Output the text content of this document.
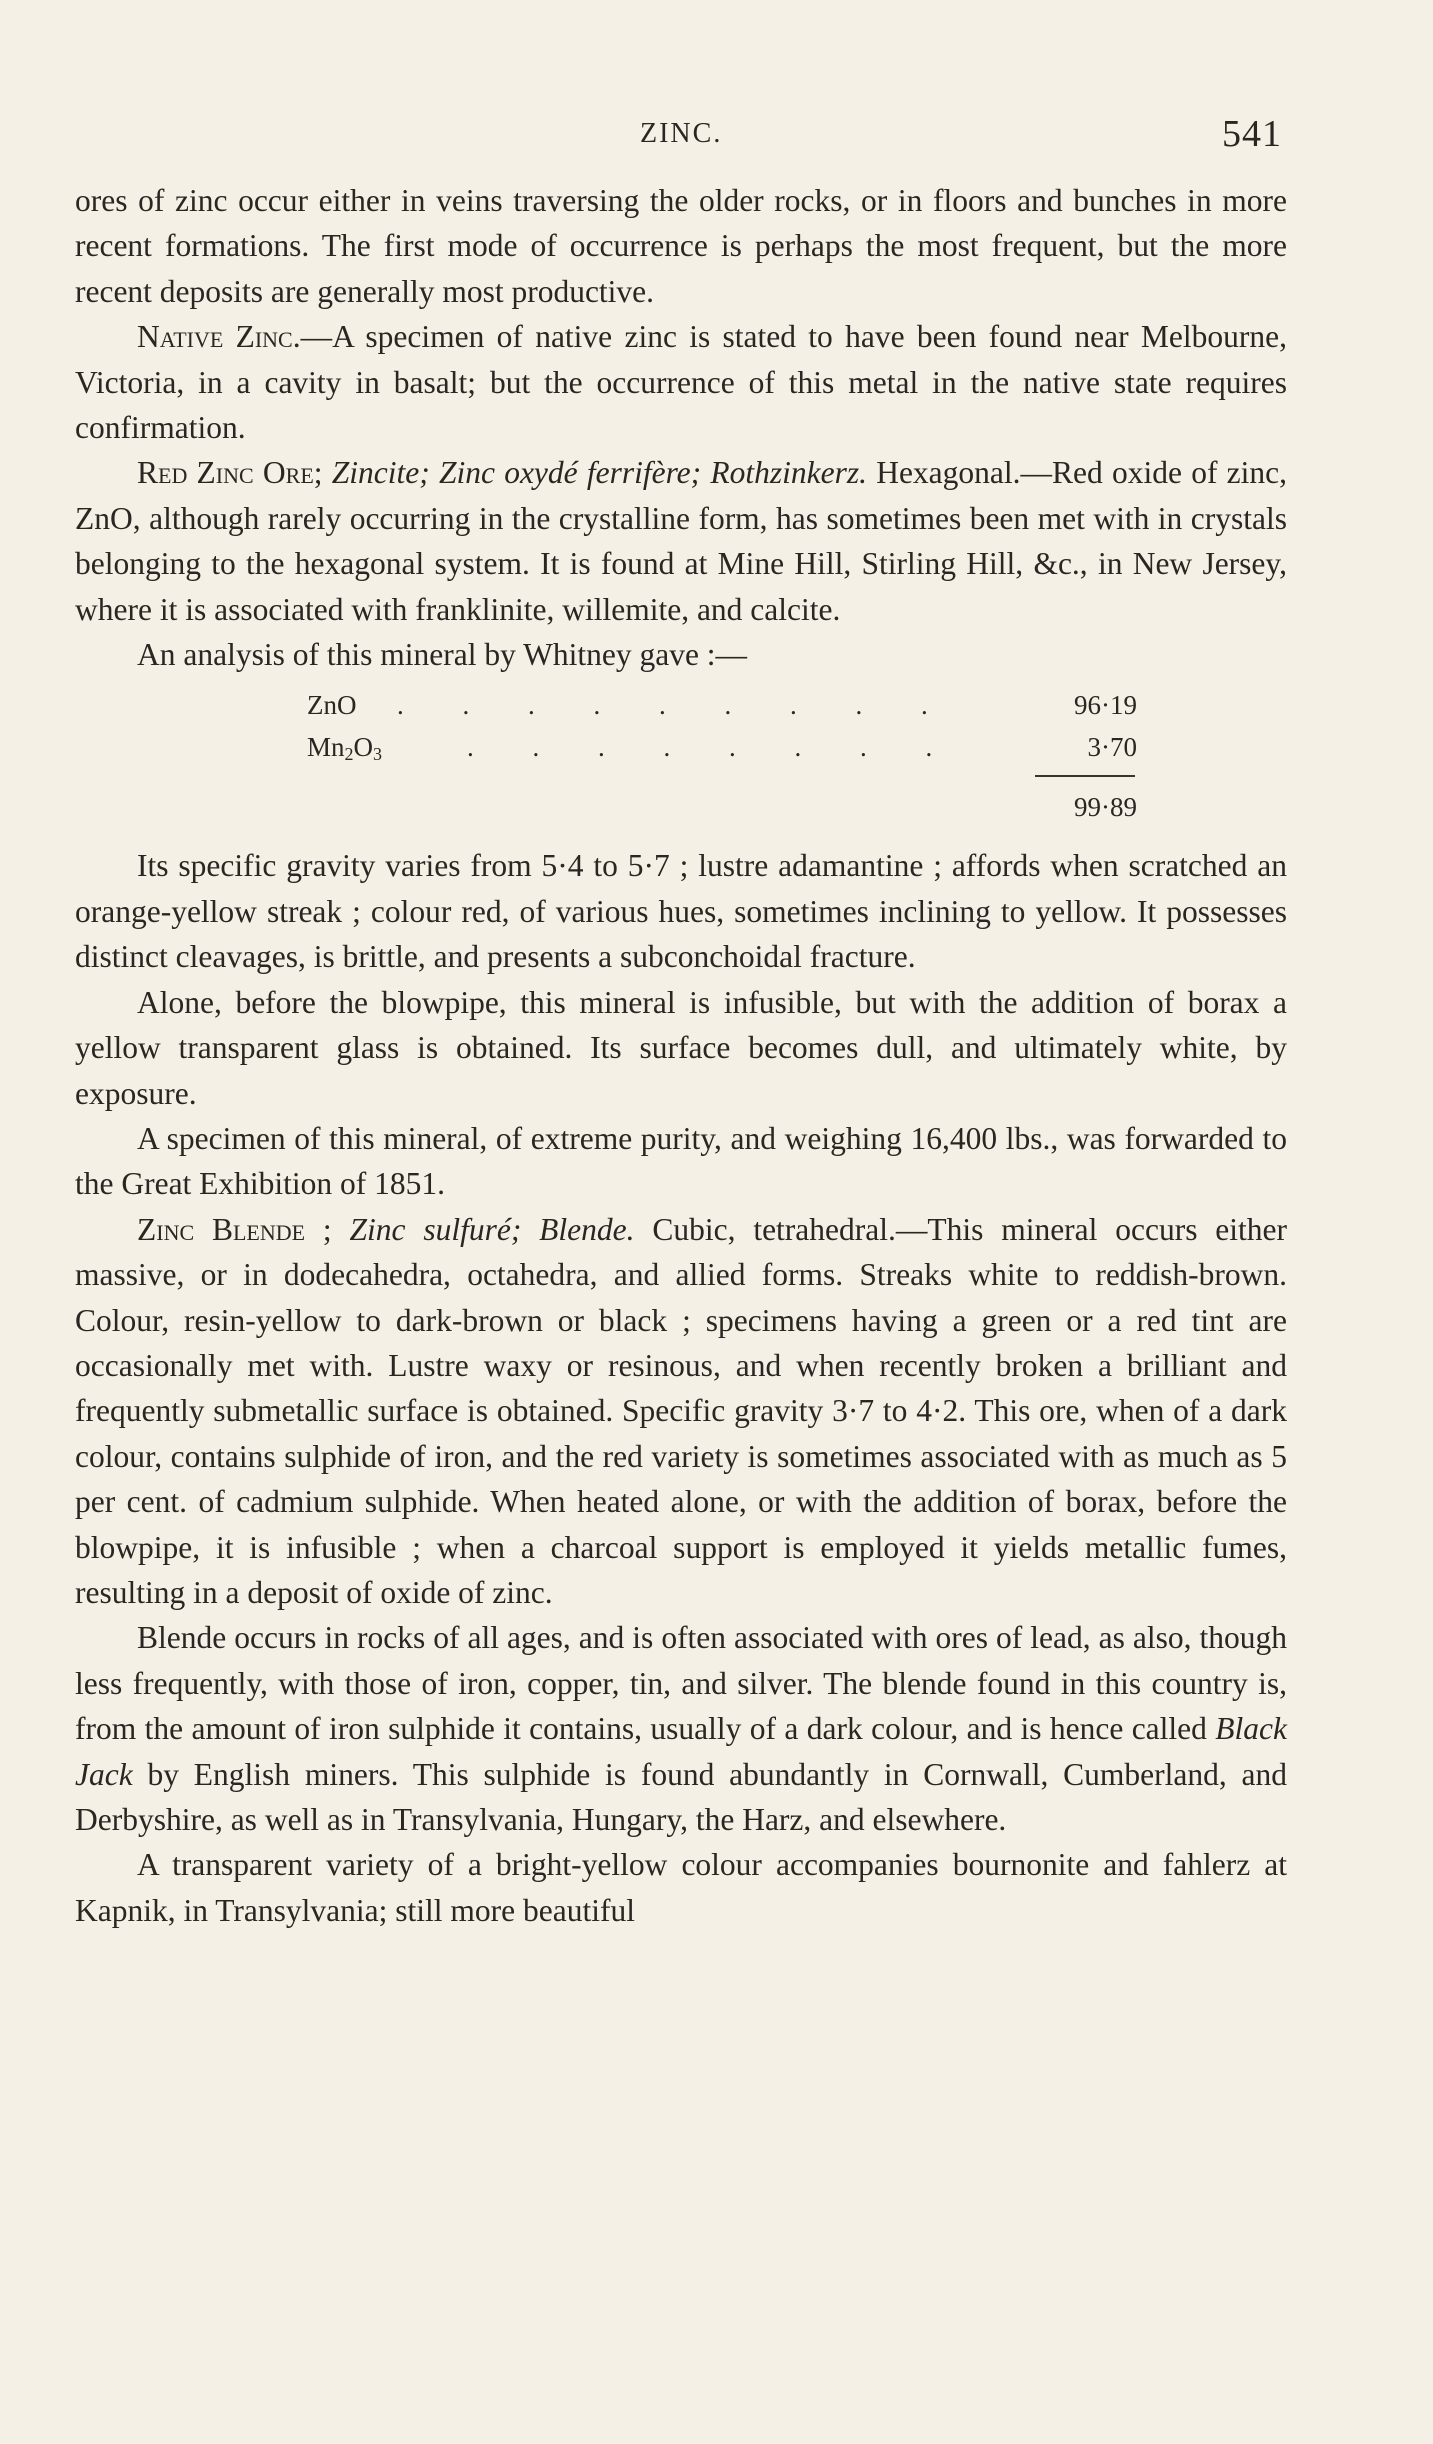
ZINC.	541

ores of zinc occur either in veins traversing the older rocks, or in floors and bunches in more recent formations. The first mode of occurrence is perhaps the most frequent, but the more recent deposits are generally most productive.

Native Zinc.—A specimen of native zinc is stated to have been found near Melbourne, Victoria, in a cavity in basalt; but the occurrence of this metal in the native state requires confirmation.

Red Zinc Ore; Zincite; Zinc oxydé ferrifère; Rothzinkerz. Hexagonal.—Red oxide of zinc, ZnO, although rarely occurring in the crystalline form, has sometimes been met with in crystals belonging to the hexagonal system. It is found at Mine Hill, Stirling Hill, &c., in New Jersey, where it is associated with franklinite, willemite, and calcite.

An analysis of this mineral by Whitney gave :—

ZnO . . . . . . . . .	96·19
$Mn_2O_3$	. . . . . . . .	3·70
99·89

Its specific gravity varies from 5·4 to 5·7 ; lustre adamantine ; affords when scratched an orange-yellow streak ; colour red, of various hues, sometimes inclining to yellow. It possesses distinct cleavages, is brittle, and presents a subconchoidal fracture.

Alone, before the blowpipe, this mineral is infusible, but with the addition of borax a yellow transparent glass is obtained. Its surface becomes dull, and ultimately white, by exposure.

A specimen of this mineral, of extreme purity, and weighing 16,400 lbs., was forwarded to the Great Exhibition of 1851.

Zinc Blende ; Zinc sulfuré; Blende. Cubic, tetrahedral.—This mineral occurs either massive, or in dodecahedra, octahedra, and allied forms. Streaks white to reddish-brown. Colour, resin-yellow to dark-brown or black ; specimens having a green or a red tint are occasionally met with. Lustre waxy or resinous, and when recently broken a brilliant and frequently submetallic surface is obtained. Specific gravity 3·7 to 4·2. This ore, when of a dark colour, contains sulphide of iron, and the red variety is sometimes associated with as much as 5 per cent. of cadmium sulphide. When heated alone, or with the addition of borax, before the blowpipe, it is infusible ; when a charcoal support is employed it yields metallic fumes, resulting in a deposit of oxide of zinc.

Blende occurs in rocks of all ages, and is often associated with ores of lead, as also, though less frequently, with those of iron, copper, tin, and silver. The blende found in this country is, from the amount of iron sulphide it contains, usually of a dark colour, and is hence called Black Jack by English miners. This sulphide is found abundantly in Cornwall, Cumberland, and Derbyshire, as well as in Transylvania, Hungary, the Harz, and elsewhere.

A transparent variety of a bright-yellow colour accompanies bournonite and fahlerz at Kapnik, in Transylvania; still more beautiful
